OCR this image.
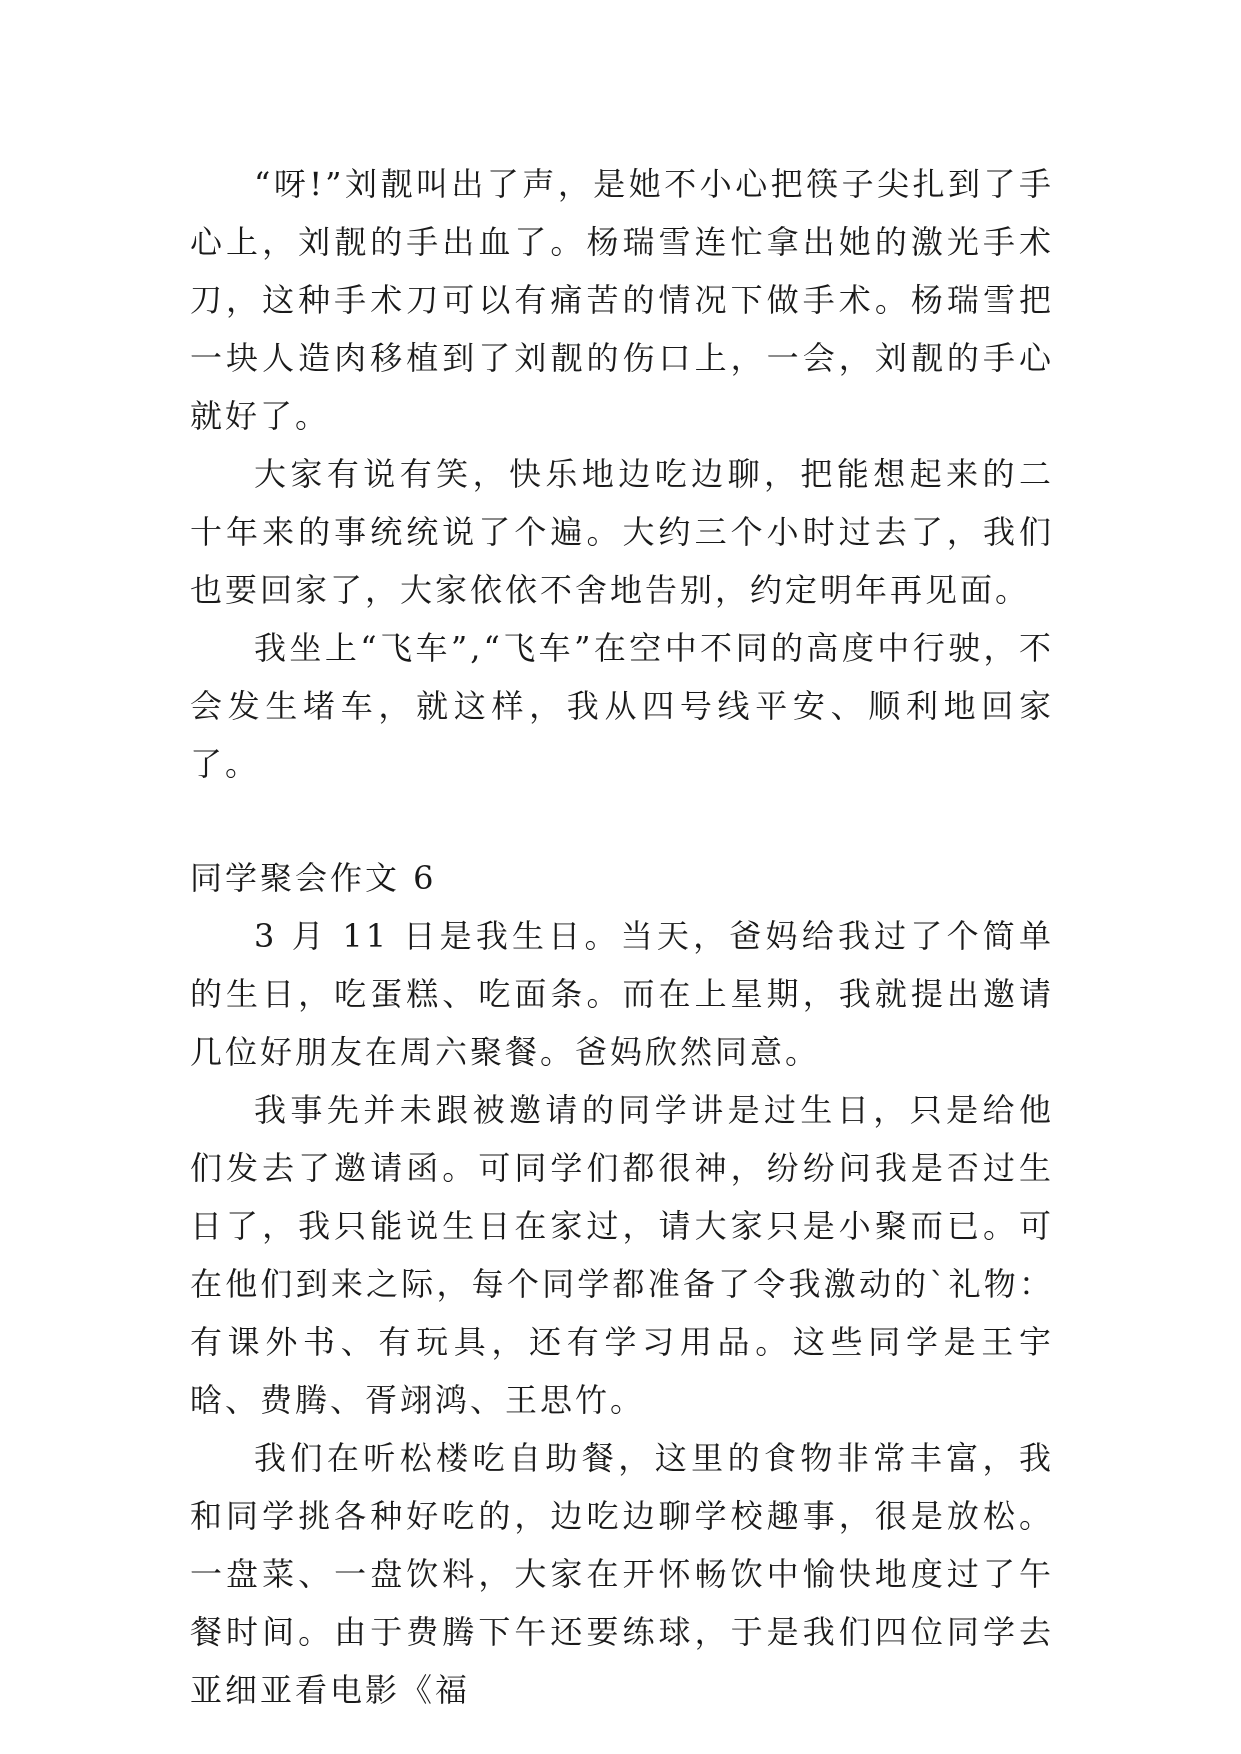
“呀!”刘靓叫出了声，是她不小心把筷子尖扎到了手心上，刘靓的手出血了。杨瑞雪连忙拿出她的激光手术刀，这种手术刀可以有痛苦的情况下做手术。杨瑞雪把一块人造肉移植到了刘靓的伤口上，一会，刘靓的手心就好了。

大家有说有笑，快乐地边吃边聊，把能想起来的二十年来的事统统说了个遍。大约三个小时过去了，我们也要回家了，大家依依不舍地告别，约定明年再见面。

我坐上“飞车”,“飞车”在空中不同的高度中行驶，不会发生堵车，就这样，我从四号线平安、顺利地回家了。

同学聚会作文 6

3 月 11 日是我生日。当天，爸妈给我过了个简单的生日，吃蛋糕、吃面条。而在上星期，我就提出邀请几位好朋友在周六聚餐。爸妈欣然同意。

我事先并未跟被邀请的同学讲是过生日，只是给他们发去了邀请函。可同学们都很神，纷纷问我是否过生日了，我只能说生日在家过，请大家只是小聚而已。可在他们到来之际，每个同学都准备了令我激动的`礼物：有课外书、有玩具，还有学习用品。这些同学是王宇晗、费腾、胥翊鸿、王思竹。

我们在听松楼吃自助餐，这里的食物非常丰富，我和同学挑各种好吃的，边吃边聊学校趣事，很是放松。一盘菜、一盘饮料，大家在开怀畅饮中愉快地度过了午餐时间。由于费腾下午还要练球，于是我们四位同学去亚细亚看电影《福
